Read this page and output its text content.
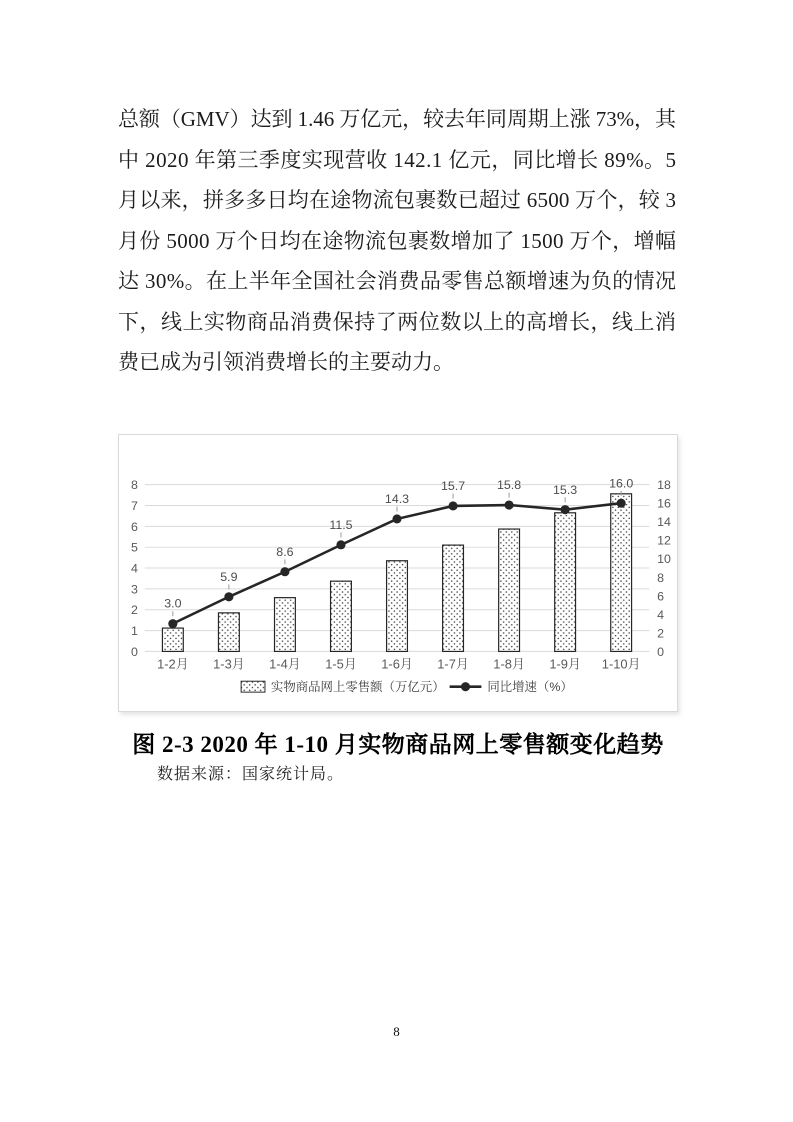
总额（GMV）达到 1.46 万亿元，较去年同周期上涨 73%，其
中 2020 年第三季度实现营收 142.1 亿元，同比增长 89%。5
月以来，拼多多日均在途物流包裹数已超过 6500 万个，较 3
月份 5000 万个日均在途物流包裹数增加了 1500 万个，增幅
达 30%。在上半年全国社会消费品零售总额增速为负的情况
下，线上实物商品消费保持了两位数以上的高增长，线上消
费已成为引领消费增长的主要动力。
0
1
2
3
4
5
6
7
8
0
2
4
6
8
10
12
14
16
18
1-2月 1-3月 1-4月 1-5月 1-6月 1-7月 1-8月 1-9月 1-10月
3.0
5.9
8.6
11.5
14.3
15.7	15.8	15.3	16.0
实物商品网上零售额（万亿元）	同比增速（%）
图 2-3 2020 年 1-10 月实物商品网上零售额变化趋势
数据来源：国家统计局。
8
